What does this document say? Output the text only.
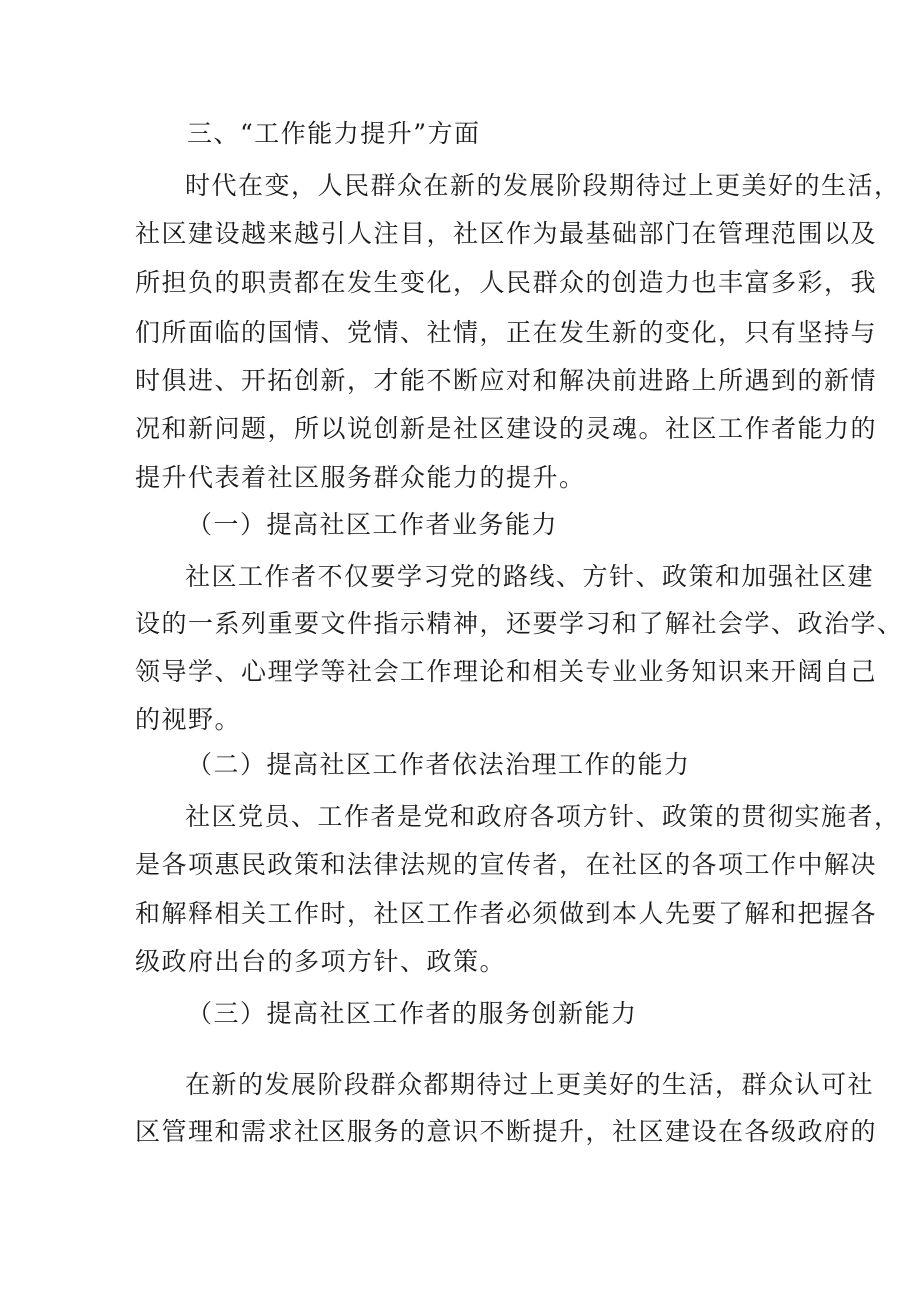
三、“工作能力提升”方面
时代在变，人民群众在新的发展阶段期待过上更美好的生活，
社区建设越来越引人注目，社区作为最基础部门在管理范围以及
所担负的职责都在发生变化，人民群众的创造力也丰富多彩，我
们所面临的国情、党情、社情，正在发生新的变化，只有坚持与
时俱进、开拓创新，才能不断应对和解决前进路上所遇到的新情
况和新问题，所以说创新是社区建设的灵魂。社区工作者能力的
提升代表着社区服务群众能力的提升。
（一）提高社区工作者业务能力
社区工作者不仅要学习党的路线、方针、政策和加强社区建
设的一系列重要文件指示精神，还要学习和了解社会学、政治学、
领导学、心理学等社会工作理论和相关专业业务知识来开阔自己
的视野。
（二）提高社区工作者依法治理工作的能力
社区党员、工作者是党和政府各项方针、政策的贯彻实施者，
是各项惠民政策和法律法规的宣传者，在社区的各项工作中解决
和解释相关工作时，社区工作者必须做到本人先要了解和把握各
级政府出台的多项方针、政策。
（三）提高社区工作者的服务创新能力
在新的发展阶段群众都期待过上更美好的生活，群众认可社
区管理和需求社区服务的意识不断提升，社区建设在各级政府的
